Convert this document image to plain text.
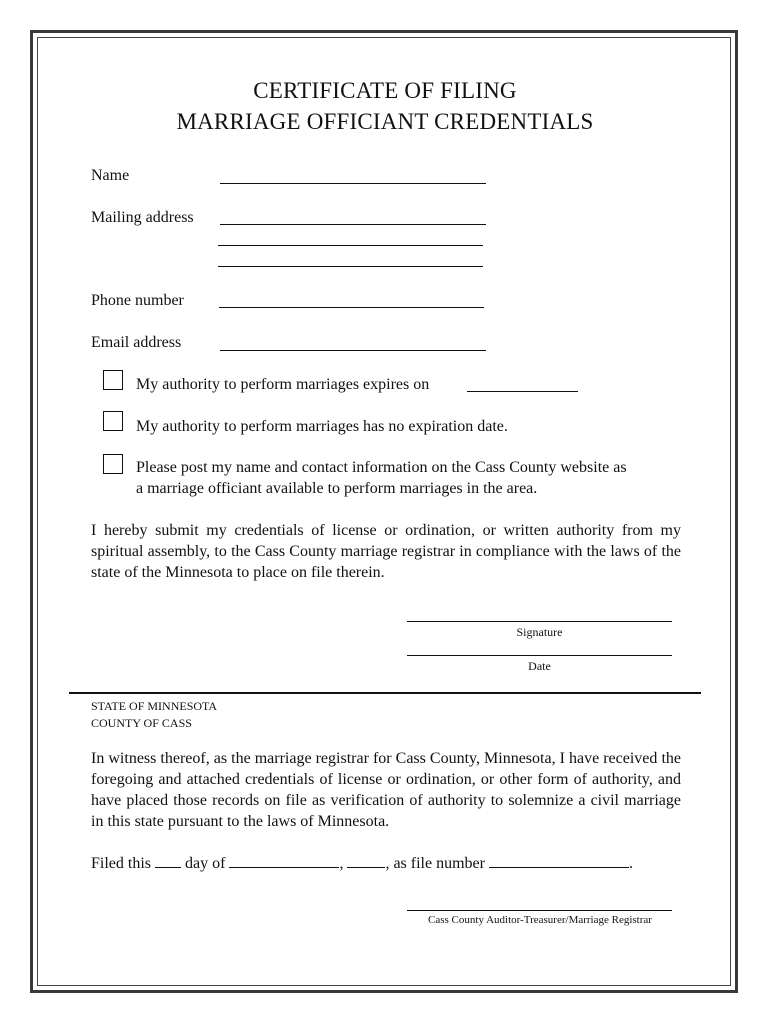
CERTIFICATE OF FILING
MARRIAGE OFFICIANT CREDENTIALS
Name
Mailing address
Phone number
Email address
My authority to perform marriages expires on
My authority to perform marriages has no expiration date.
Please post my name and contact information on the Cass County website as
a marriage officiant available to perform marriages in the area.
I hereby submit my credentials of license or ordination, or written authority from my spiritual assembly, to the Cass County marriage registrar in compliance with the laws of the state of the Minnesota to place on file therein.
Signature
Date
STATE OF MINNESOTA
COUNTY OF CASS
In witness thereof, as the marriage registrar for Cass County, Minnesota, I have received the foregoing and attached credentials of license or ordination, or other form of authority, and have placed those records on file as verification of authority to solemnize a civil marriage in this state pursuant to the laws of Minnesota.
Filed this day of	,	, as file number	.
Cass County Auditor-Treasurer/Marriage Registrar
